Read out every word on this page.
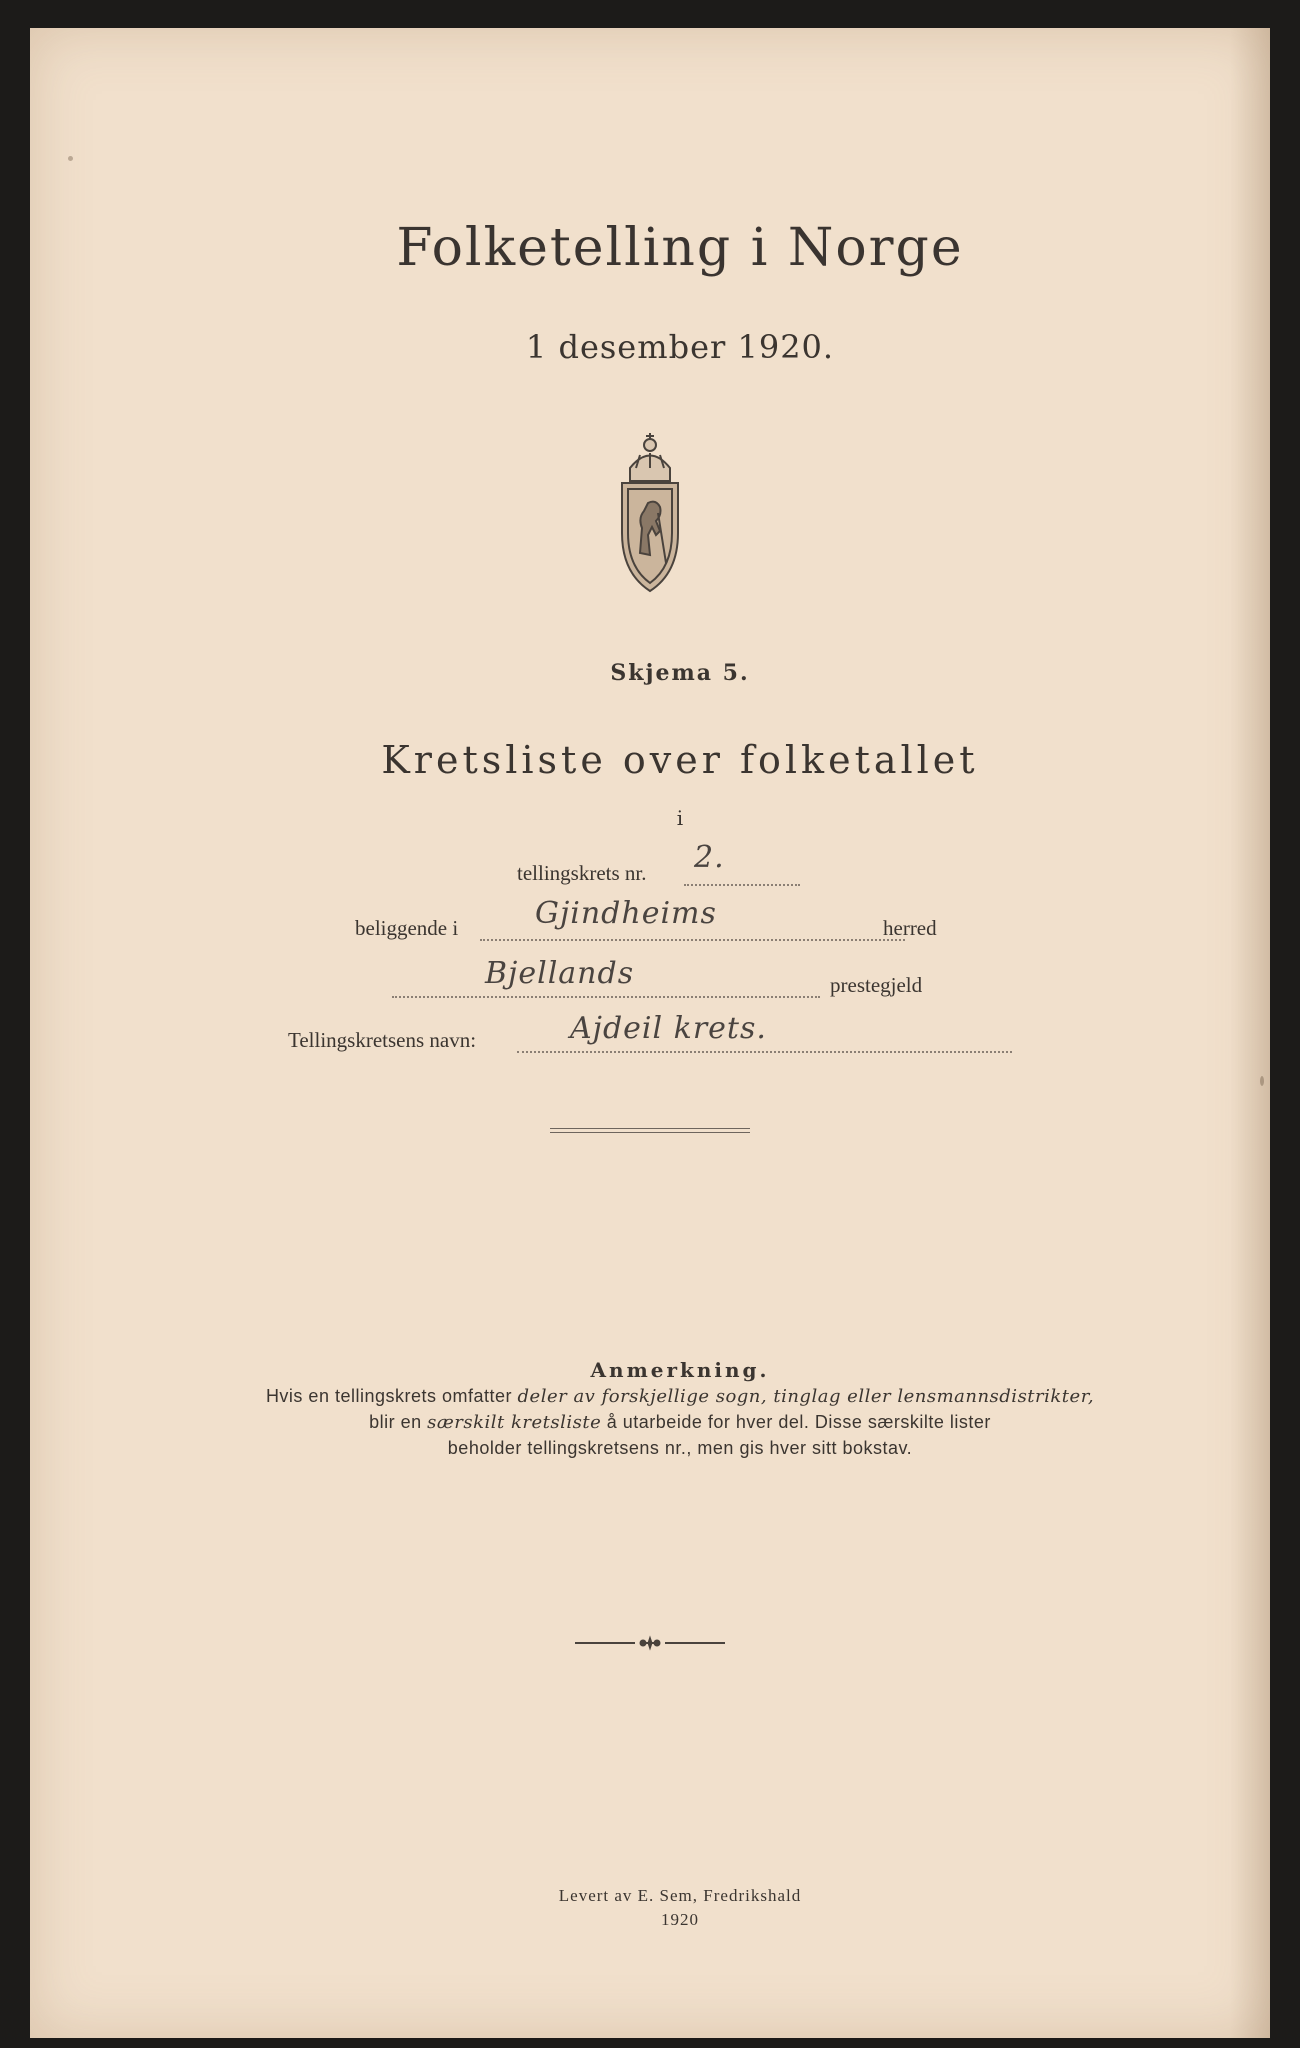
Folketelling i Norge
1 desember 1920.
Skjema 5.
Kretsliste over folketallet
i
tellingskrets nr. 2.
beliggende i	Gjindheims	herred
Bjellands	prestegjeld
Tellingskretsens navn:	Ajdeil krets.
Anmerkning.
Hvis en tellingskrets omfatter deler av forskjellige sogn, tinglag eller lensmannsdistrikter,
blir en særskilt kretsliste å utarbeide for hver del. Disse særskilte lister
beholder tellingskretsens nr., men gis hver sitt bokstav.
Levert av E. Sem, Fredrikshald
1920
